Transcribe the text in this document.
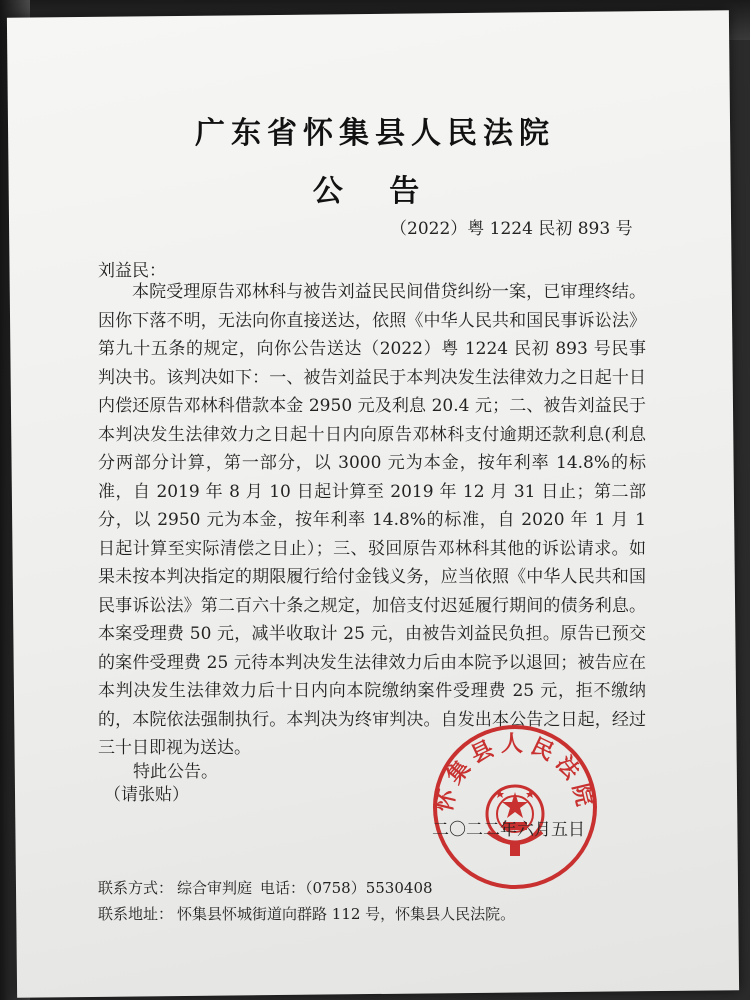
广东省怀集县人民法院
公 告
（2022）粤 1224 民初 893 号
刘益民：

本院受理原告邓林科与被告刘益民民间借贷纠纷一案，已审理终结。因你下落不明，无法向你直接送达，依照《中华人民共和国民事诉讼法》第九十五条的规定，向你公告送达（2022）粤 1224 民初 893 号民事判决书。该判决如下：一、被告刘益民于本判决发生法律效力之日起十日内偿还原告邓林科借款本金 2950 元及利息 20.4 元；二、被告刘益民于本判决发生法律效力之日起十日内向原告邓林科支付逾期还款利息(利息分两部分计算，第一部分，以 3000 元为本金，按年利率 14.8%的标准，自 2019 年 8 月 10 日起计算至 2019 年 12 月 31 日止；第二部分，以 2950 元为本金，按年利率 14.8%的标准，自 2020 年 1 月 1 日起计算至实际清偿之日止）；三、驳回原告邓林科其他的诉讼请求。如果未按本判决指定的期限履行给付金钱义务，应当依照《中华人民共和国民事诉讼法》第二百六十条之规定，加倍支付迟延履行期间的债务利息。本案受理费 50 元，减半收取计 25 元，由被告刘益民负担。原告已预交的案件受理费 25 元待本判决发生法律效力后由本院予以退回；被告应在本判决发生法律效力后十日内向本院缴纳案件受理费 25 元，拒不缴纳的，本院依法强制执行。本判决为终审判决。自发出本公告之日起，经过三十日即视为送达。

特此公告。
（请张贴）	怀集县人民法院
二〇二二年六月五日
联系方式： 综合审判庭 电话：（0758）5530408
联系地址： 怀集县怀城街道向群路 112 号，怀集县人民法院。
